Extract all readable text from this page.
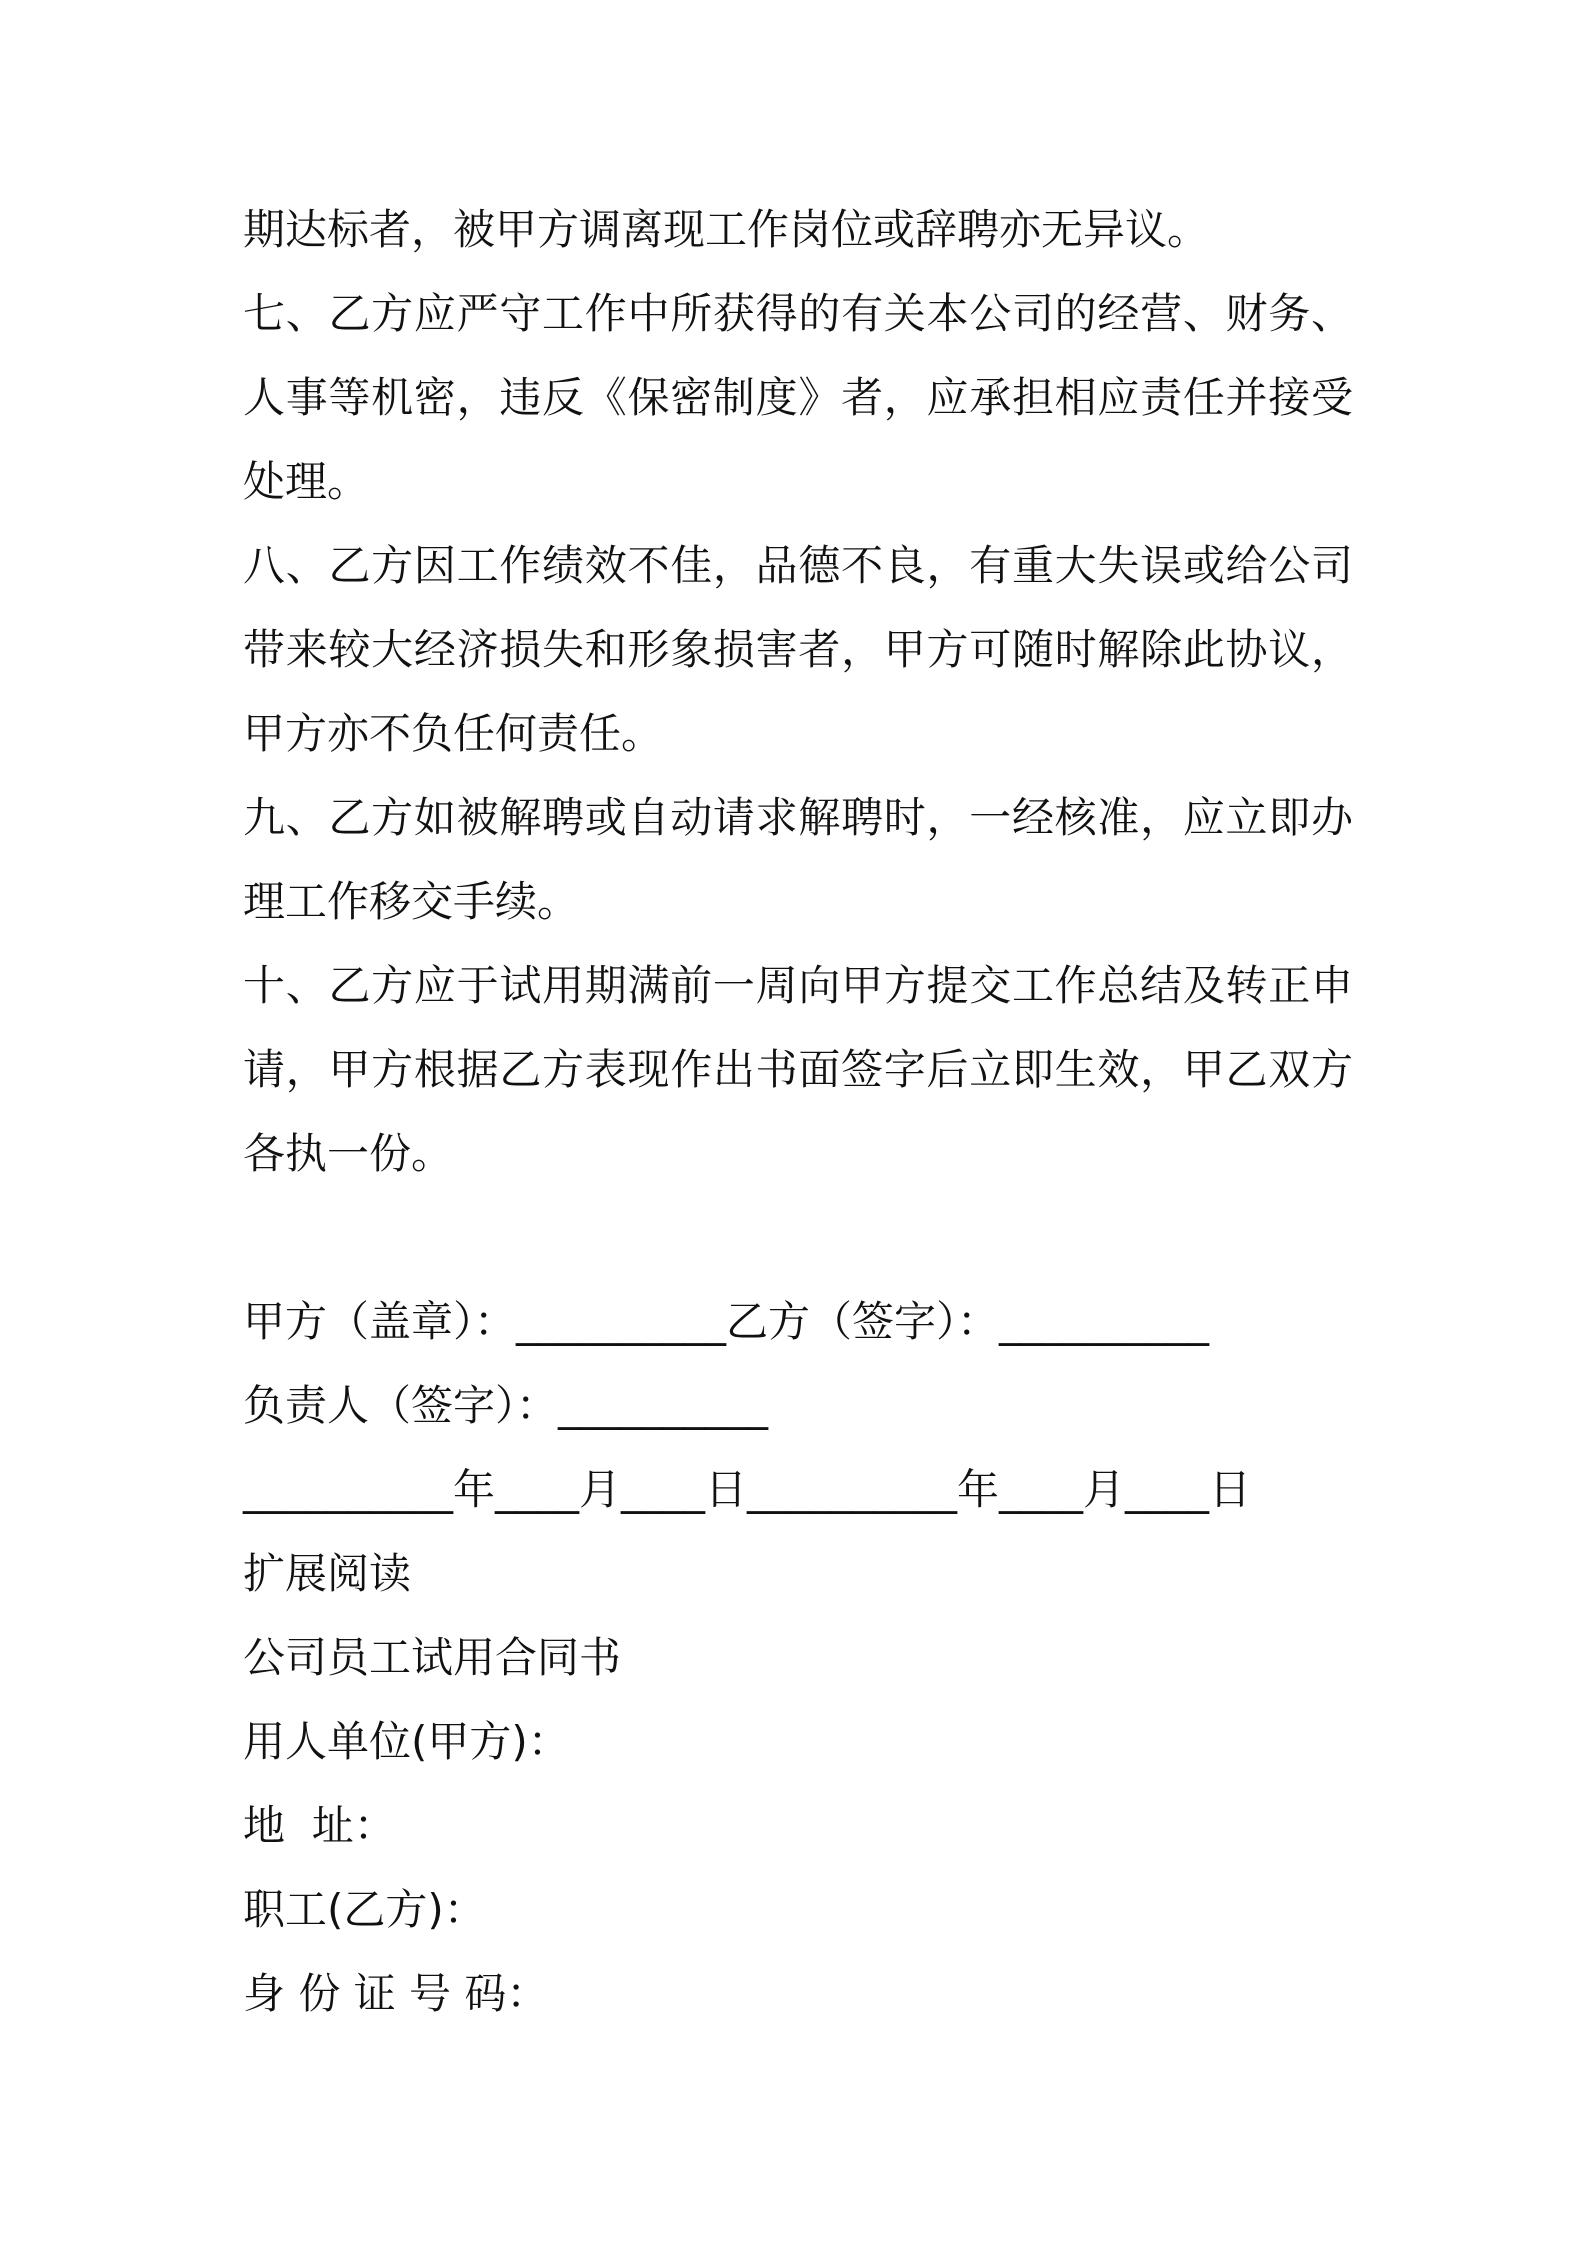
期达标者，被甲方调离现工作岗位或辞聘亦无异议。

七、乙方应严守工作中所获得的有关本公司的经营、财务、人事等机密，违反《保密制度》者，应承担相应责任并接受处理。

八、乙方因工作绩效不佳，品德不良，有重大失误或给公司带来较大经济损失和形象损害者，甲方可随时解除此协议，甲方亦不负任何责任。

九、乙方如被解聘或自动请求解聘时，一经核准，应立即办理工作移交手续。

十、乙方应于试用期满前一周向甲方提交工作总结及转正申请，甲方根据乙方表现作出书面签字后立即生效，甲乙双方各执一份。

甲方（盖章）：__________乙方（签字）：__________

负责人（签字）：__________

__________年____月____日__________年____月____日

扩展阅读

公司员工试用合同书

用人单位(甲方)：

地  址：

职工(乙方)：

身 份 证 号 码：
